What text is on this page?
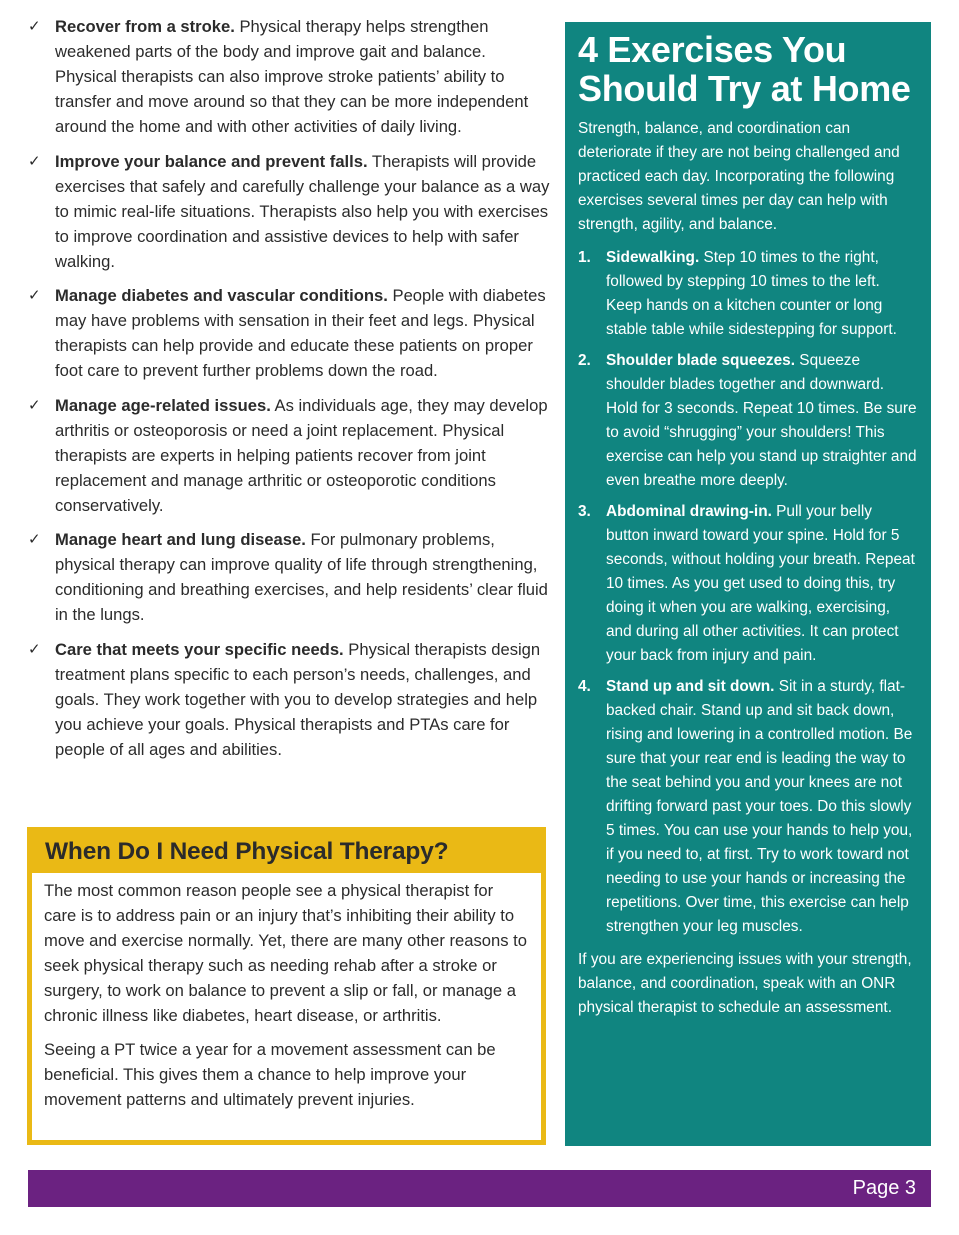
✓ Recover from a stroke. Physical therapy helps strengthen weakened parts of the body and improve gait and balance. Physical therapists can also improve stroke patients’ ability to transfer and move around so that they can be more independent around the home and with other activities of daily living.
✓ Improve your balance and prevent falls. Therapists will provide exercises that safely and carefully challenge your balance as a way to mimic real-life situations. Therapists also help you with exercises to improve coordination and assistive devices to help with safer walking.
✓ Manage diabetes and vascular conditions. People with diabetes may have problems with sensation in their feet and legs. Physical therapists can help provide and educate these patients on proper foot care to prevent further problems down the road.
✓ Manage age-related issues. As individuals age, they may develop arthritis or osteoporosis or need a joint replacement. Physical therapists are experts in helping patients recover from joint replacement and manage arthritic or osteoporotic conditions conservatively.
✓ Manage heart and lung disease. For pulmonary problems, physical therapy can improve quality of life through strengthening, conditioning and breathing exercises, and help residents’ clear fluid in the lungs.
✓ Care that meets your specific needs. Physical therapists design treatment plans specific to each person’s needs, challenges, and goals. They work together with you to develop strategies and help you achieve your goals. Physical therapists and PTAs care for people of all ages and abilities.
When Do I Need Physical Therapy?

The most common reason people see a physical therapist for care is to address pain or an injury that’s inhibiting their ability to move and exercise normally. Yet, there are many other reasons to seek physical therapy such as needing rehab after a stroke or surgery, to work on balance to prevent a slip or fall, or manage a chronic illness like diabetes, heart disease, or arthritis.

Seeing a PT twice a year for a movement assessment can be beneficial. This gives them a chance to help improve your movement patterns and ultimately prevent injuries.

4 Exercises You Should Try at Home

Strength, balance, and coordination can deteriorate if they are not being challenged and practiced each day. Incorporating the following exercises several times per day can help with strength, agility, and balance.

1. Sidewalking. Step 10 times to the right, followed by stepping 10 times to the left. Keep hands on a kitchen counter or long stable table while sidestepping for support.
2. Shoulder blade squeezes. Squeeze shoulder blades together and downward. Hold for 3 seconds. Repeat 10 times. Be sure to avoid “shrugging” your shoulders! This exercise can help you stand up straighter and even breathe more deeply.
3. Abdominal drawing-in. Pull your belly button inward toward your spine. Hold for 5 seconds, without holding your breath. Repeat 10 times. As you get used to doing this, try doing it when you are walking, exercising, and during all other activities. It can protect your back from injury and pain.
4. Stand up and sit down. Sit in a sturdy, flat-backed chair. Stand up and sit back down, rising and lowering in a controlled motion. Be sure that your rear end is leading the way to the seat behind you and your knees are not drifting forward past your toes. Do this slowly 5 times. You can use your hands to help you, if you need to, at first. Try to work toward not needing to use your hands or increasing the repetitions. Over time, this exercise can help strengthen your leg muscles.

If you are experiencing issues with your strength, balance, and coordination, speak with an ONR physical therapist to schedule an assessment.

Page 3
